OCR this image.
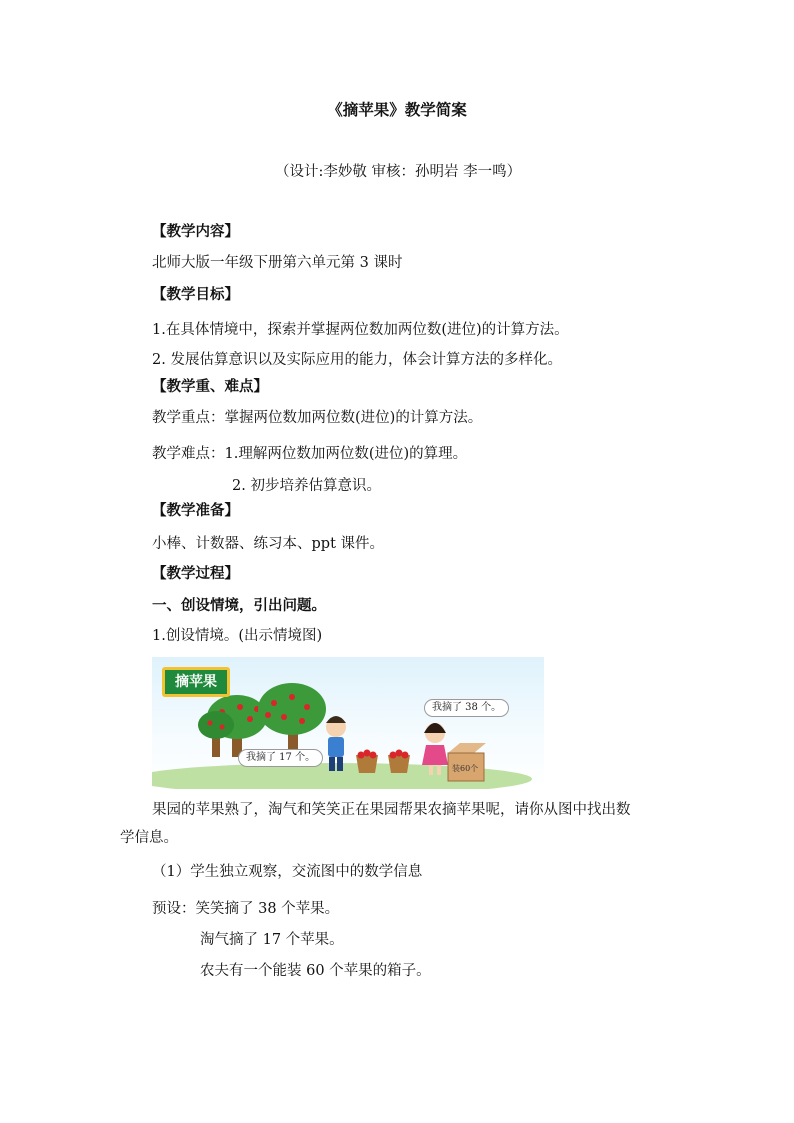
《摘苹果》教学简案
（设计:李妙敬 审核：孙明岩 李一鸣）
【教学内容】
北师大版一年级下册第六单元第 3 课时
【教学目标】
1.在具体情境中，探索并掌握两位数加两位数(进位)的计算方法。
2. 发展估算意识以及实际应用的能力，体会计算方法的多样化。
【教学重、难点】
教学重点：掌握两位数加两位数(进位)的计算方法。
教学难点：1.理解两位数加两位数(进位)的算理。
2. 初步培养估算意识。
【教学准备】
小棒、计数器、练习本、ppt 课件。
【教学过程】
一、创设情境，引出问题。
1.创设情境。(出示情境图)
摘苹果
我摘了 38 个。
我摘了 17 个。
装60个
果园的苹果熟了，淘气和笑笑正在果园帮果农摘苹果呢，请你从图中找出数
学信息。
（1）学生独立观察，交流图中的数学信息
预设：笑笑摘了 38 个苹果。
淘气摘了 17 个苹果。
农夫有一个能装 60 个苹果的箱子。
